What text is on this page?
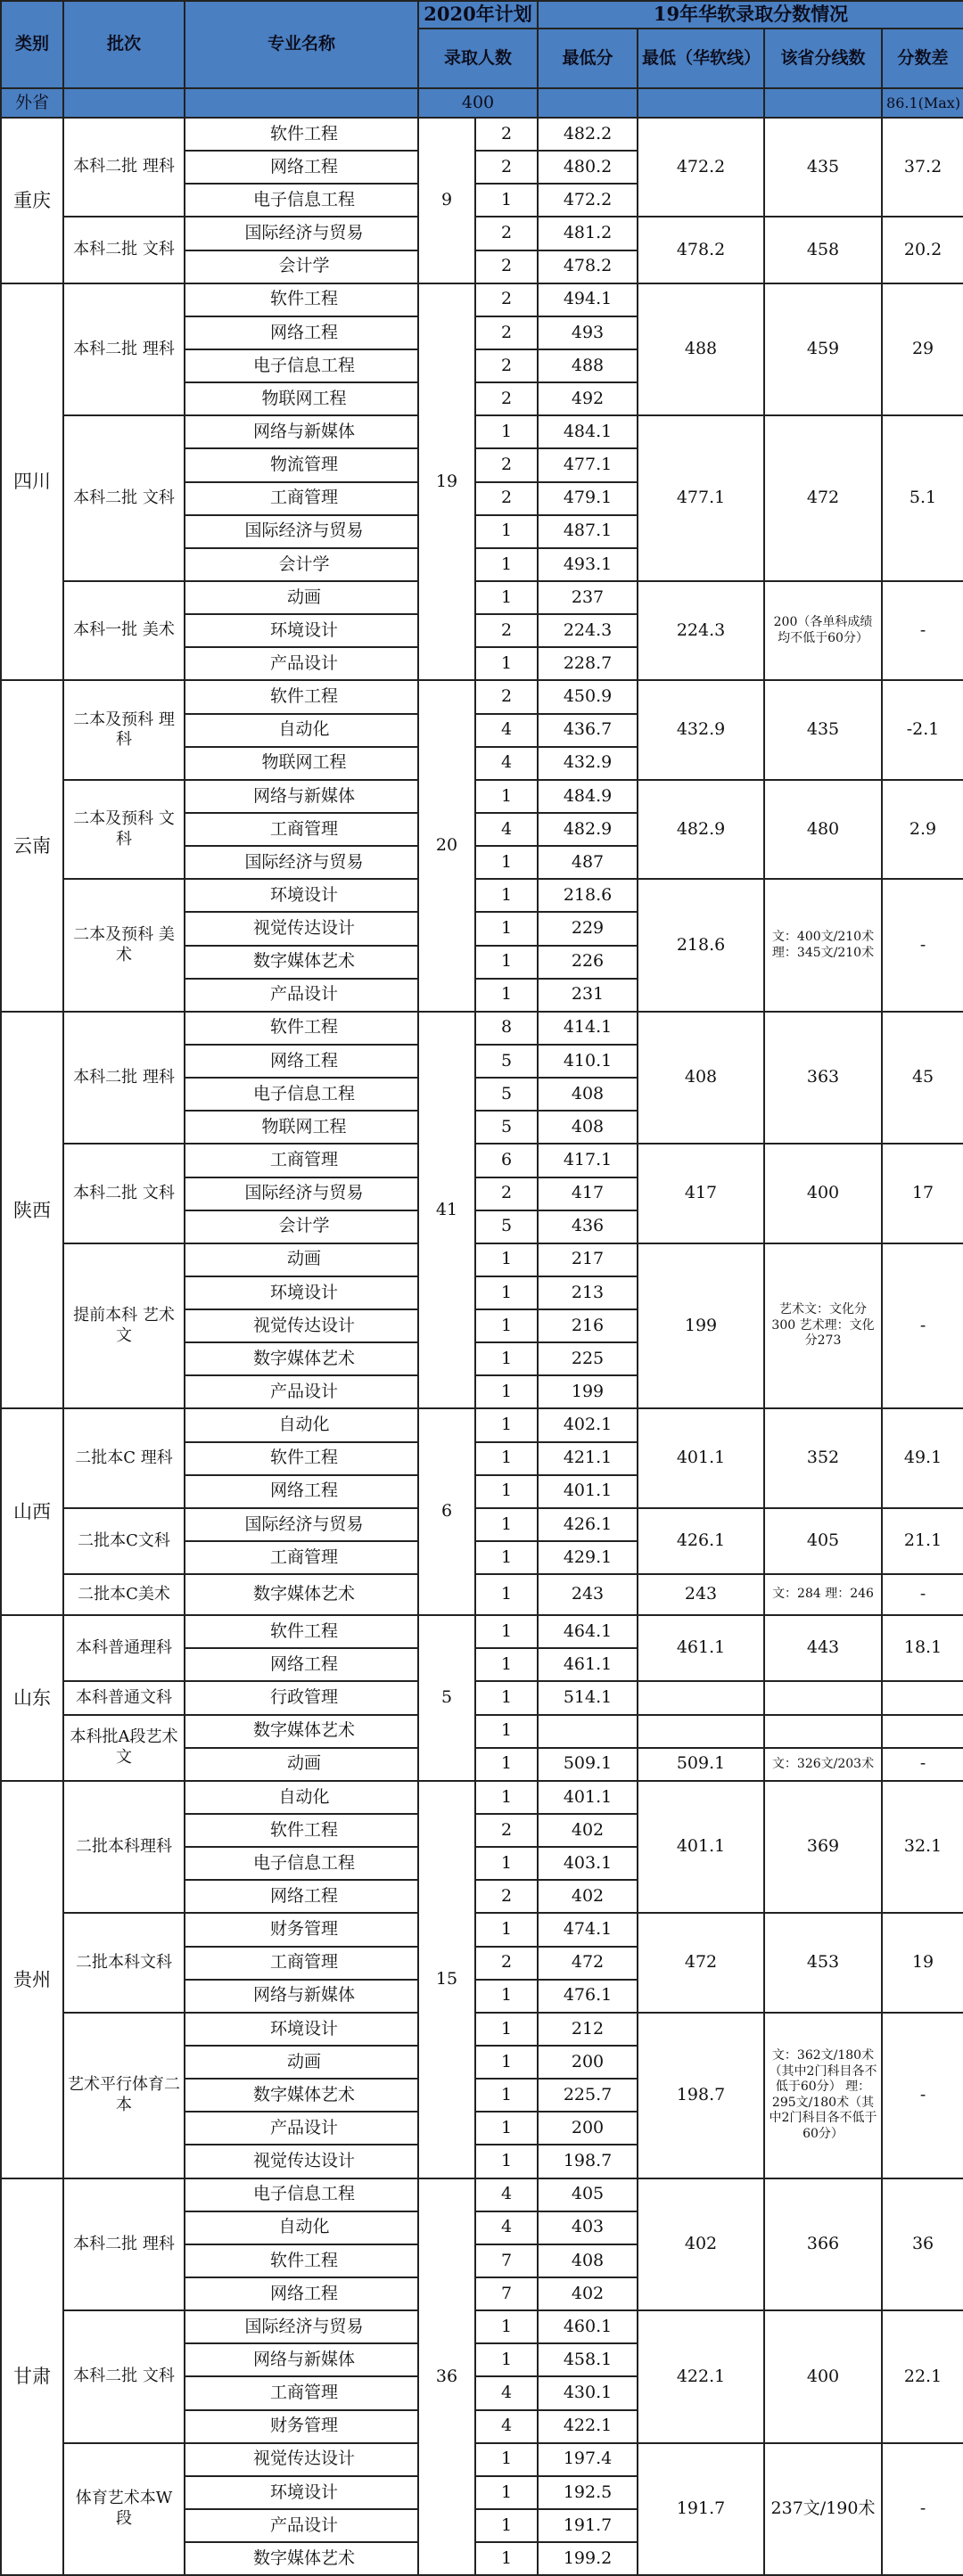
类别	批次	专业名称	2020年计划		19年华软录取分数情况			
			录取人数		最低分	最低（华软线）	该省分线数	分数差
外省			400					86.1(Max)
重庆	本科二批 理科	软件工程	9	2	482.2	472.2	435	37.2
		网络工程		2	480.2			
		电子信息工程		1	472.2			
	本科二批 文科	国际经济与贸易		2	481.2	478.2	458	20.2
		会计学		2	478.2			
四川	本科二批 理科	软件工程	19	2	494.1	488	459	29
		网络工程		2	493			
		电子信息工程		2	488			
		物联网工程		2	492			
	本科二批 文科	网络与新媒体		1	484.1	477.1	472	5.1
		物流管理		2	477.1			
		工商管理		2	479.1			
		国际经济与贸易		1	487.1			
		会计学		1	493.1			
	本科一批 美术	动画		1	237	224.3	200（各单科成绩均不低于60分）	-
		环境设计		2	224.3			
		产品设计		1	228.7			
云南	二本及预科 理科	软件工程	20	2	450.9	432.9	435	-2.1
		自动化		4	436.7			
		物联网工程		4	432.9			
	二本及预科 文科	网络与新媒体		1	484.9	482.9	480	2.9
		工商管理		4	482.9			
		国际经济与贸易		1	487			
	二本及预科 美术	环境设计		1	218.6	218.6	文：400文/210术 理：345文/210术	-
		视觉传达设计		1	229			
		数字媒体艺术		1	226			
		产品设计		1	231			
陕西	本科二批 理科	软件工程	41	8	414.1	408	363	45
		网络工程		5	410.1			
		电子信息工程		5	408			
		物联网工程		5	408			
	本科二批 文科	工商管理		6	417.1	417	400	17
		国际经济与贸易		2	417			
		会计学		5	436			
	提前本科 艺术文	动画		1	217	199	艺术文：文化分300 艺术理：文化分273	-
		环境设计		1	213			
		视觉传达设计		1	216			
		数字媒体艺术		1	225			
		产品设计		1	199			
山西	二批本C 理科	自动化	6	1	402.1	401.1	352	49.1
		软件工程		1	421.1			
		网络工程		1	401.1			
	二批本C文科	国际经济与贸易		1	426.1	426.1	405	21.1
		工商管理		1	429.1			
	二批本C美术	数字媒体艺术		1	243	243	文：284 理：246	-
山东	本科普通理科	软件工程	5	1	464.1	461.1	443	18.1
		网络工程		1	461.1			
	本科普通文科	行政管理		1	514.1			
	本科批A段艺术文	数字媒体艺术		1				
		动画		1	509.1	509.1	文：326文/203术	-
贵州	二批本科理科	自动化	15	1	401.1	401.1	369	32.1
		软件工程		2	402			
		电子信息工程		1	403.1			
		网络工程		2	402			
	二批本科文科	财务管理		1	474.1	472	453	19
		工商管理		2	472			
		网络与新媒体		1	476.1			
	艺术平行体育二本	环境设计		1	212	198.7	文：362文/180术（其中2门科目各不低于60分） 理：295文/180术（其中2门科目各不低于60分）	-
		动画		1	200			
		数字媒体艺术		1	225.7			
		产品设计		1	200			
		视觉传达设计		1	198.7			
甘肃	本科二批 理科	电子信息工程	36	4	405	402	366	36
		自动化		4	403			
		软件工程		7	408			
		网络工程		7	402			
	本科二批 文科	国际经济与贸易		1	460.1	422.1	400	22.1
		网络与新媒体		1	458.1			
		工商管理		4	430.1			
		财务管理		4	422.1			
	体育艺术本W段	视觉传达设计		1	197.4	191.7	237文/190术	-
		环境设计		1	192.5			
		产品设计		1	191.7			
		数字媒体艺术		1	199.2			
